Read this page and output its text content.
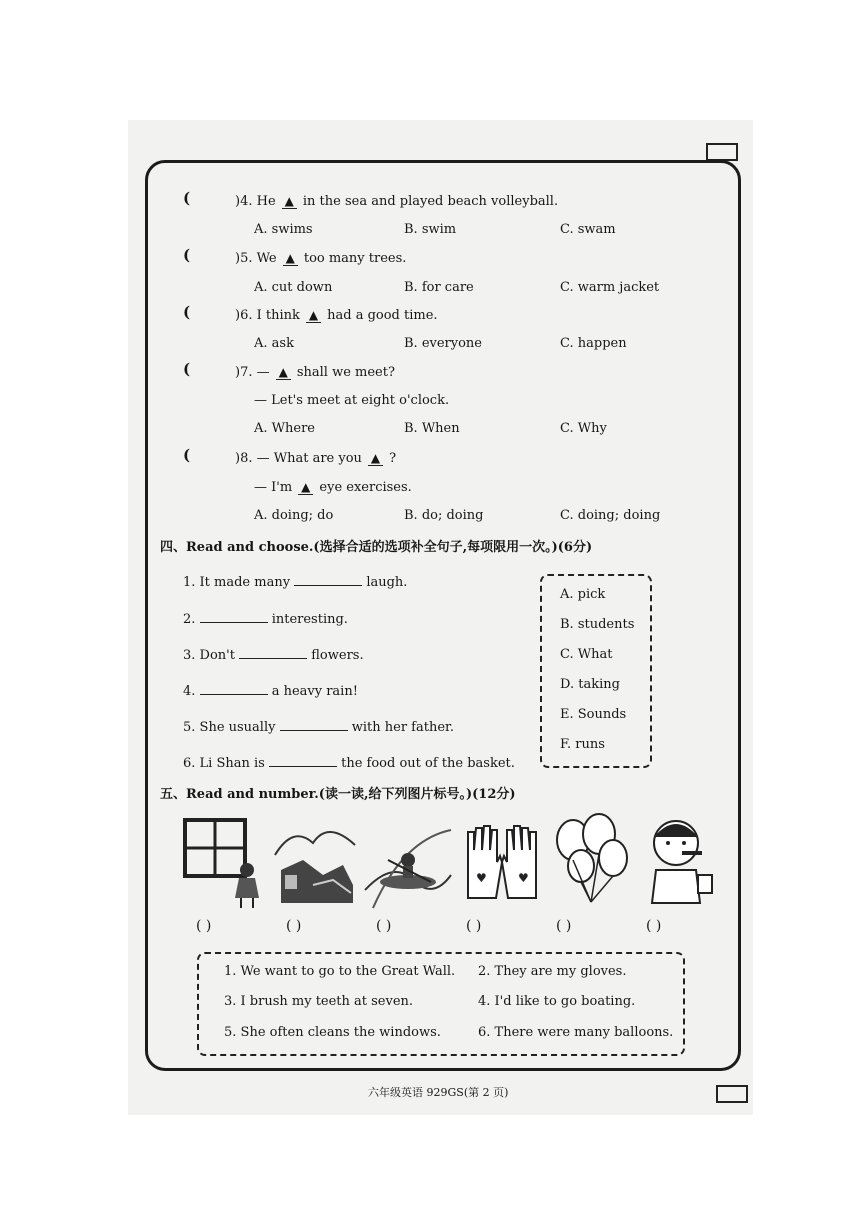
(	)4. He ▲ in the sea and played beach volleyball.
A. swims	B. swim	C. swam
(	)5. We ▲ too many trees.
A. cut down	B. for care	C. warm jacket
(	)6. I think ▲ had a good time.
A. ask	B. everyone	C. happen
(	)7. — ▲ shall we meet?
— Let's meet at eight o'clock.
A. Where	B. When	C. Why
(	)8. — What are you ▲ ?
— I'm ▲ eye exercises.
A. doing; do	B. do; doing	C. doing; doing
四、Read and choose.(选择合适的选项补全句子,每项限用一次。)(6分)
1. It made many	laugh.
2.	interesting.
3. Don't	flowers.
4.	a heavy rain!
5. She usually	with her father.
6. Li Shan is	the food out of the basket.
A. pick
B. students
C. What
D. taking
E. Sounds
F. runs
五、Read and number.(读一读,给下列图片标号。)(12分)
♥	♥
( )	( )	( )	( )	( )	( )
1. We want to go to the Great Wall. 2. They are my gloves.
3. I brush my teeth at seven.	4. I'd like to go boating.
5. She often cleans the windows.	6. There were many balloons.
六年级英语 929GS(第 2 页)
